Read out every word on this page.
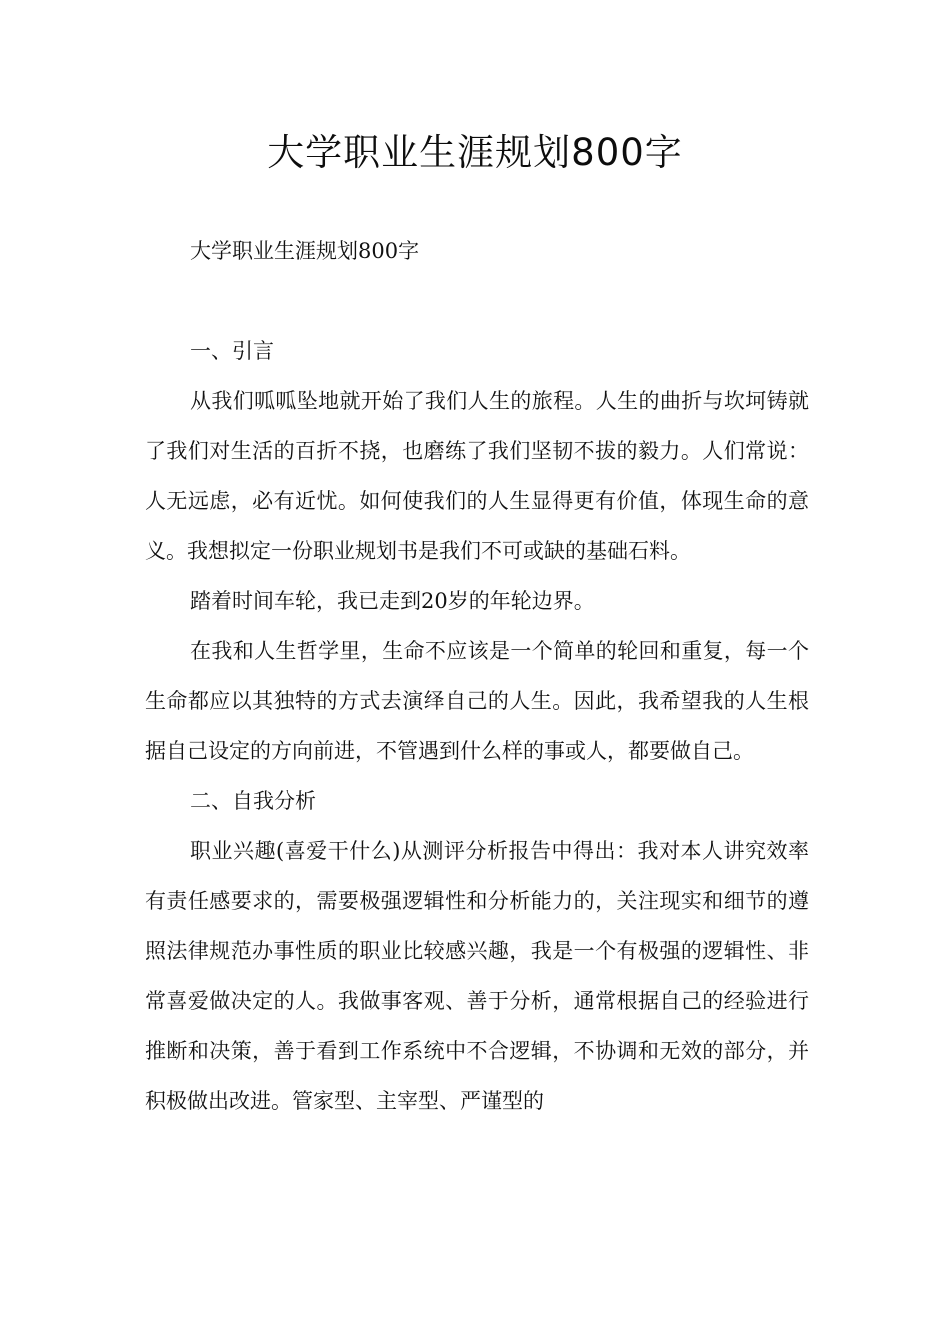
大学职业生涯规划800字

大学职业生涯规划800字

一、引言

从我们呱呱坠地就开始了我们人生的旅程。人生的曲折与坎坷铸就了我们对生活的百折不挠，也磨练了我们坚韧不拔的毅力。人们常说：人无远虑，必有近忧。如何使我们的人生显得更有价值，体现生命的意义。我想拟定一份职业规划书是我们不可或缺的基础石料。

踏着时间车轮，我已走到20岁的年轮边界。

在我和人生哲学里，生命不应该是一个简单的轮回和重复，每一个生命都应以其独特的方式去演绎自己的人生。因此，我希望我的人生根据自己设定的方向前进，不管遇到什么样的事或人，都要做自己。

二、自我分析

职业兴趣(喜爱干什么)从测评分析报告中得出：我对本人讲究效率有责任感要求的，需要极强逻辑性和分析能力的，关注现实和细节的遵照法律规范办事性质的职业比较感兴趣，我是一个有极强的逻辑性、非常喜爱做决定的人。我做事客观、善于分析，通常根据自己的经验进行推断和决策，善于看到工作系统中不合逻辑，不协调和无效的部分，并积极做出改进。管家型、主宰型、严谨型的
